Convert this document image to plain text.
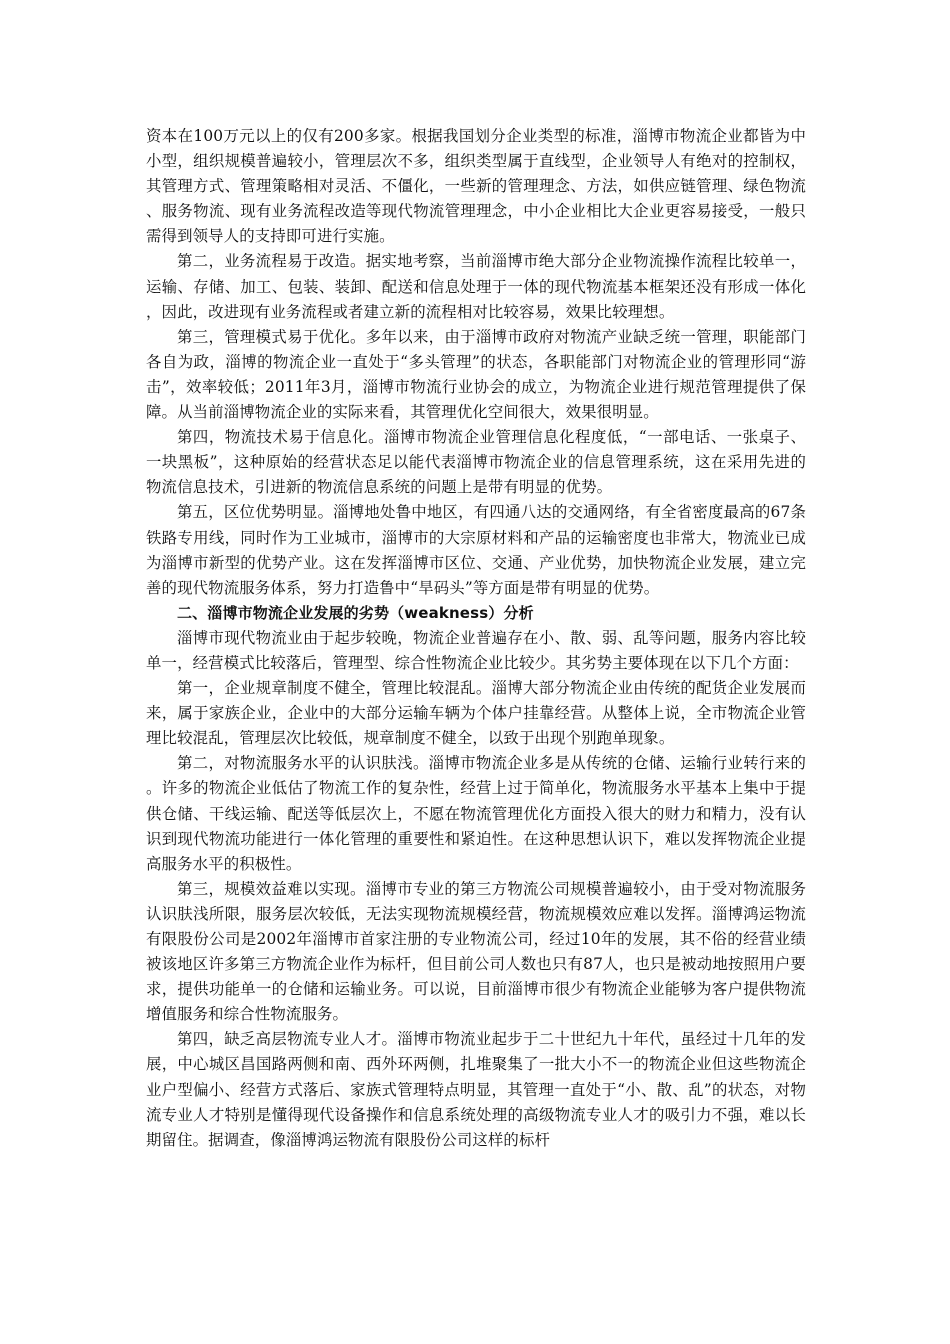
资本在100万元以上的仅有200多家。根据我国划分企业类型的标准，淄博市物流企业都皆为中小型，组织规模普遍较小，管理层次不多，组织类型属于直线型，企业领导人有绝对的控制权，其管理方式、管理策略相对灵活、不僵化，一些新的管理理念、方法，如供应链管理、绿色物流、服务物流、现有业务流程改造等现代物流管理理念，中小企业相比大企业更容易接受，一般只需得到领导人的支持即可进行实施。

第二，业务流程易于改造。据实地考察，当前淄博市绝大部分企业物流操作流程比较单一，运输、存储、加工、包装、装卸、配送和信息处理于一体的现代物流基本框架还没有形成一体化，因此，改进现有业务流程或者建立新的流程相对比较容易，效果比较理想。

第三，管理模式易于优化。多年以来，由于淄博市政府对物流产业缺乏统一管理，职能部门各自为政，淄博的物流企业一直处于“多头管理”的状态，各职能部门对物流企业的管理形同“游击”，效率较低；2011年3月，淄博市物流行业协会的成立，为物流企业进行规范管理提供了保障。从当前淄博物流企业的实际来看，其管理优化空间很大，效果很明显。

第四，物流技术易于信息化。淄博市物流企业管理信息化程度低，“一部电话、一张桌子、一块黑板”，这种原始的经营状态足以能代表淄博市物流企业的信息管理系统，这在采用先进的物流信息技术，引进新的物流信息系统的问题上是带有明显的优势。

第五，区位优势明显。淄博地处鲁中地区，有四通八达的交通网络，有全省密度最高的67条铁路专用线，同时作为工业城市，淄博市的大宗原材料和产品的运输密度也非常大，物流业已成为淄博市新型的优势产业。这在发挥淄博市区位、交通、产业优势，加快物流企业发展，建立完善的现代物流服务体系，努力打造鲁中“旱码头”等方面是带有明显的优势。

二、淄博市物流企业发展的劣势（weakness）分析

淄博市现代物流业由于起步较晚，物流企业普遍存在小、散、弱、乱等问题，服务内容比较单一，经营模式比较落后，管理型、综合性物流企业比较少。其劣势主要体现在以下几个方面：

第一，企业规章制度不健全，管理比较混乱。淄博大部分物流企业由传统的配货企业发展而来，属于家族企业，企业中的大部分运输车辆为个体户挂靠经营。从整体上说，全市物流企业管理比较混乱，管理层次比较低，规章制度不健全，以致于出现个别跑单现象。

第二，对物流服务水平的认识肤浅。淄博市物流企业多是从传统的仓储、运输行业转行来的。许多的物流企业低估了物流工作的复杂性，经营上过于简单化，物流服务水平基本上集中于提供仓储、干线运输、配送等低层次上，不愿在物流管理优化方面投入很大的财力和精力，没有认识到现代物流功能进行一体化管理的重要性和紧迫性。在这种思想认识下，难以发挥物流企业提高服务水平的积极性。

第三，规模效益难以实现。淄博市专业的第三方物流公司规模普遍较小，由于受对物流服务认识肤浅所限，服务层次较低，无法实现物流规模经营，物流规模效应难以发挥。淄博鸿运物流有限股份公司是2002年淄博市首家注册的专业物流公司，经过10年的发展，其不俗的经营业绩被该地区许多第三方物流企业作为标杆，但目前公司人数也只有87人，也只是被动地按照用户要求，提供功能单一的仓储和运输业务。可以说，目前淄博市很少有物流企业能够为客户提供物流增值服务和综合性物流服务。

第四，缺乏高层物流专业人才。淄博市物流业起步于二十世纪九十年代，虽经过十几年的发展，中心城区昌国路两侧和南、西外环两侧，扎堆聚集了一批大小不一的物流企业但这些物流企业户型偏小、经营方式落后、家族式管理特点明显，其管理一直处于“小、散、乱”的状态，对物流专业人才特别是懂得现代设备操作和信息系统处理的高级物流专业人才的吸引力不强，难以长期留住。据调查，像淄博鸿运物流有限股份公司这样的标杆
